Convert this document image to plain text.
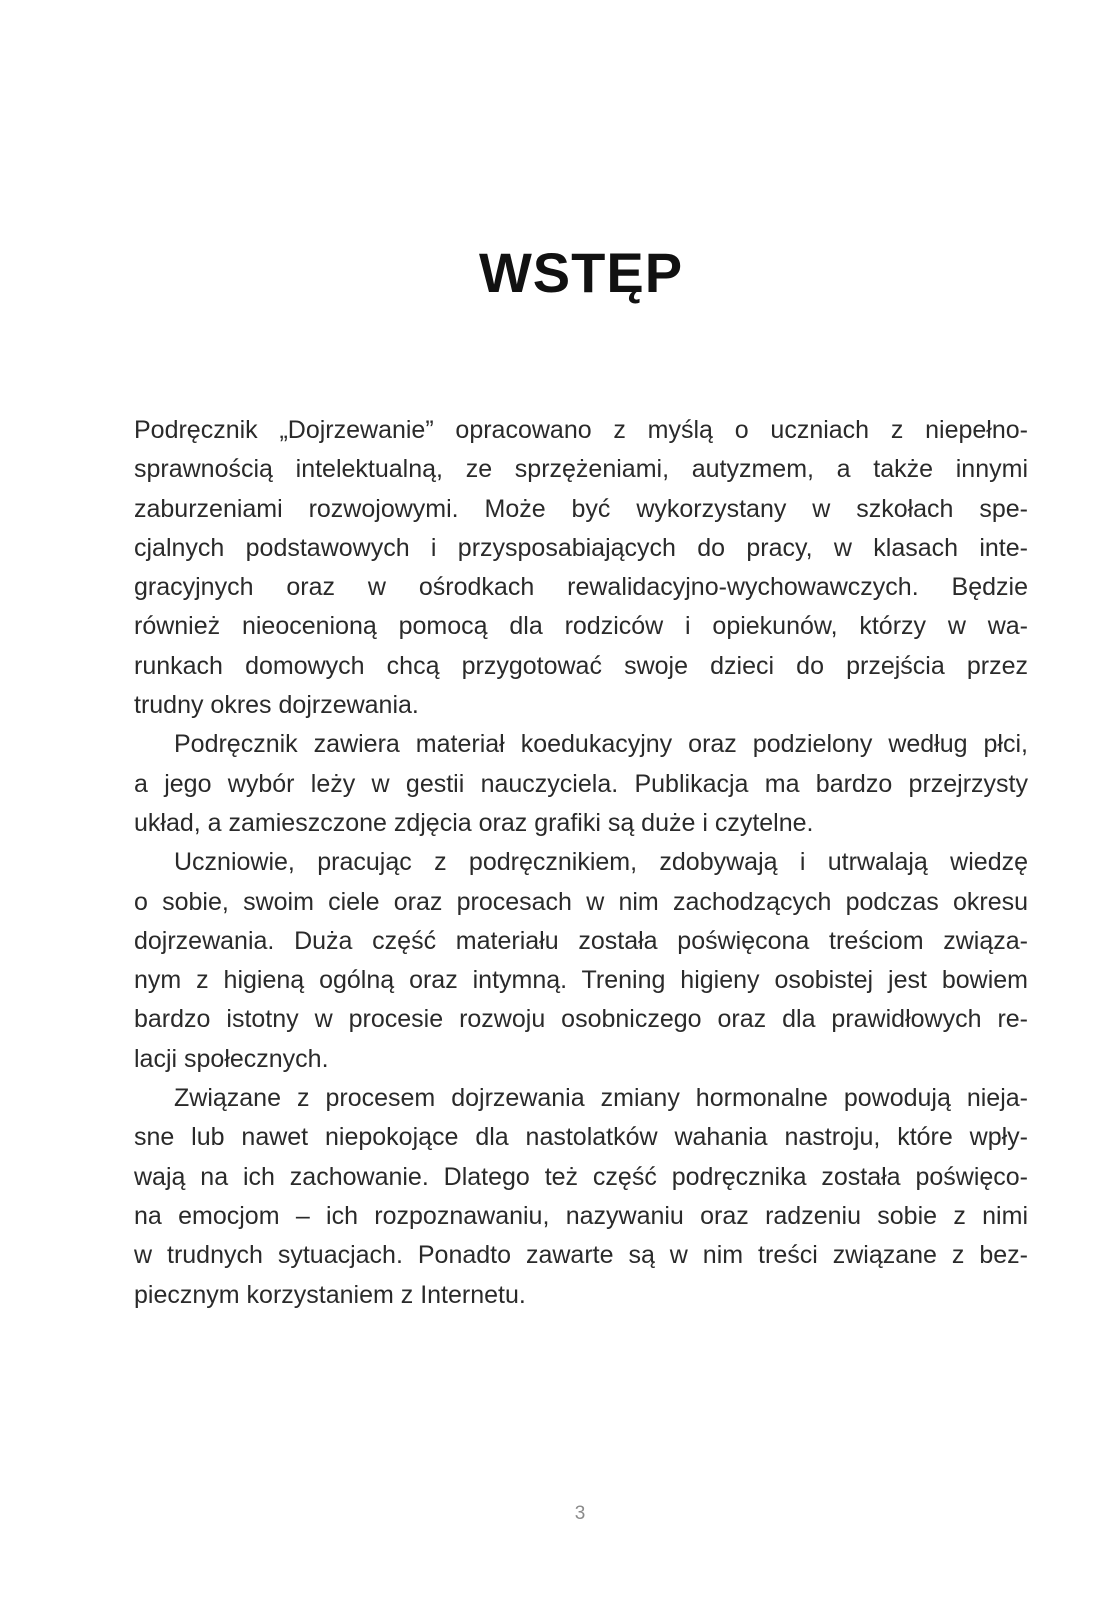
WSTĘP

Podręcznik „Dojrzewanie” opracowano z myślą o uczniach z niepełno-
sprawnością intelektualną, ze sprzężeniami, autyzmem, a także innymi
zaburzeniami rozwojowymi. Może być wykorzystany w szkołach spe-
cjalnych podstawowych i przysposabiających do pracy, w klasach inte-
gracyjnych oraz w ośrodkach rewalidacyjno-wychowawczych. Będzie
również nieocenioną pomocą dla rodziców i opiekunów, którzy w wa-
runkach domowych chcą przygotować swoje dzieci do przejścia przez
trudny okres dojrzewania.

Podręcznik zawiera materiał koedukacyjny oraz podzielony według płci,
a jego wybór leży w gestii nauczyciela. Publikacja ma bardzo przejrzysty
układ, a zamieszczone zdjęcia oraz grafiki są duże i czytelne.

Uczniowie, pracując z podręcznikiem, zdobywają i utrwalają wiedzę
o sobie, swoim ciele oraz procesach w nim zachodzących podczas okresu
dojrzewania. Duża część materiału została poświęcona treściom związa-
nym z higieną ogólną oraz intymną. Trening higieny osobistej jest bowiem
bardzo istotny w procesie rozwoju osobniczego oraz dla prawidłowych re-
lacji społecznych.

Związane z procesem dojrzewania zmiany hormonalne powodują nieja-
sne lub nawet niepokojące dla nastolatków wahania nastroju, które wpły-
wają na ich zachowanie. Dlatego też część podręcznika została poświęco-
na emocjom – ich rozpoznawaniu, nazywaniu oraz radzeniu sobie z nimi
w trudnych sytuacjach. Ponadto zawarte są w nim treści związane z bez-
piecznym korzystaniem z Internetu.

3
